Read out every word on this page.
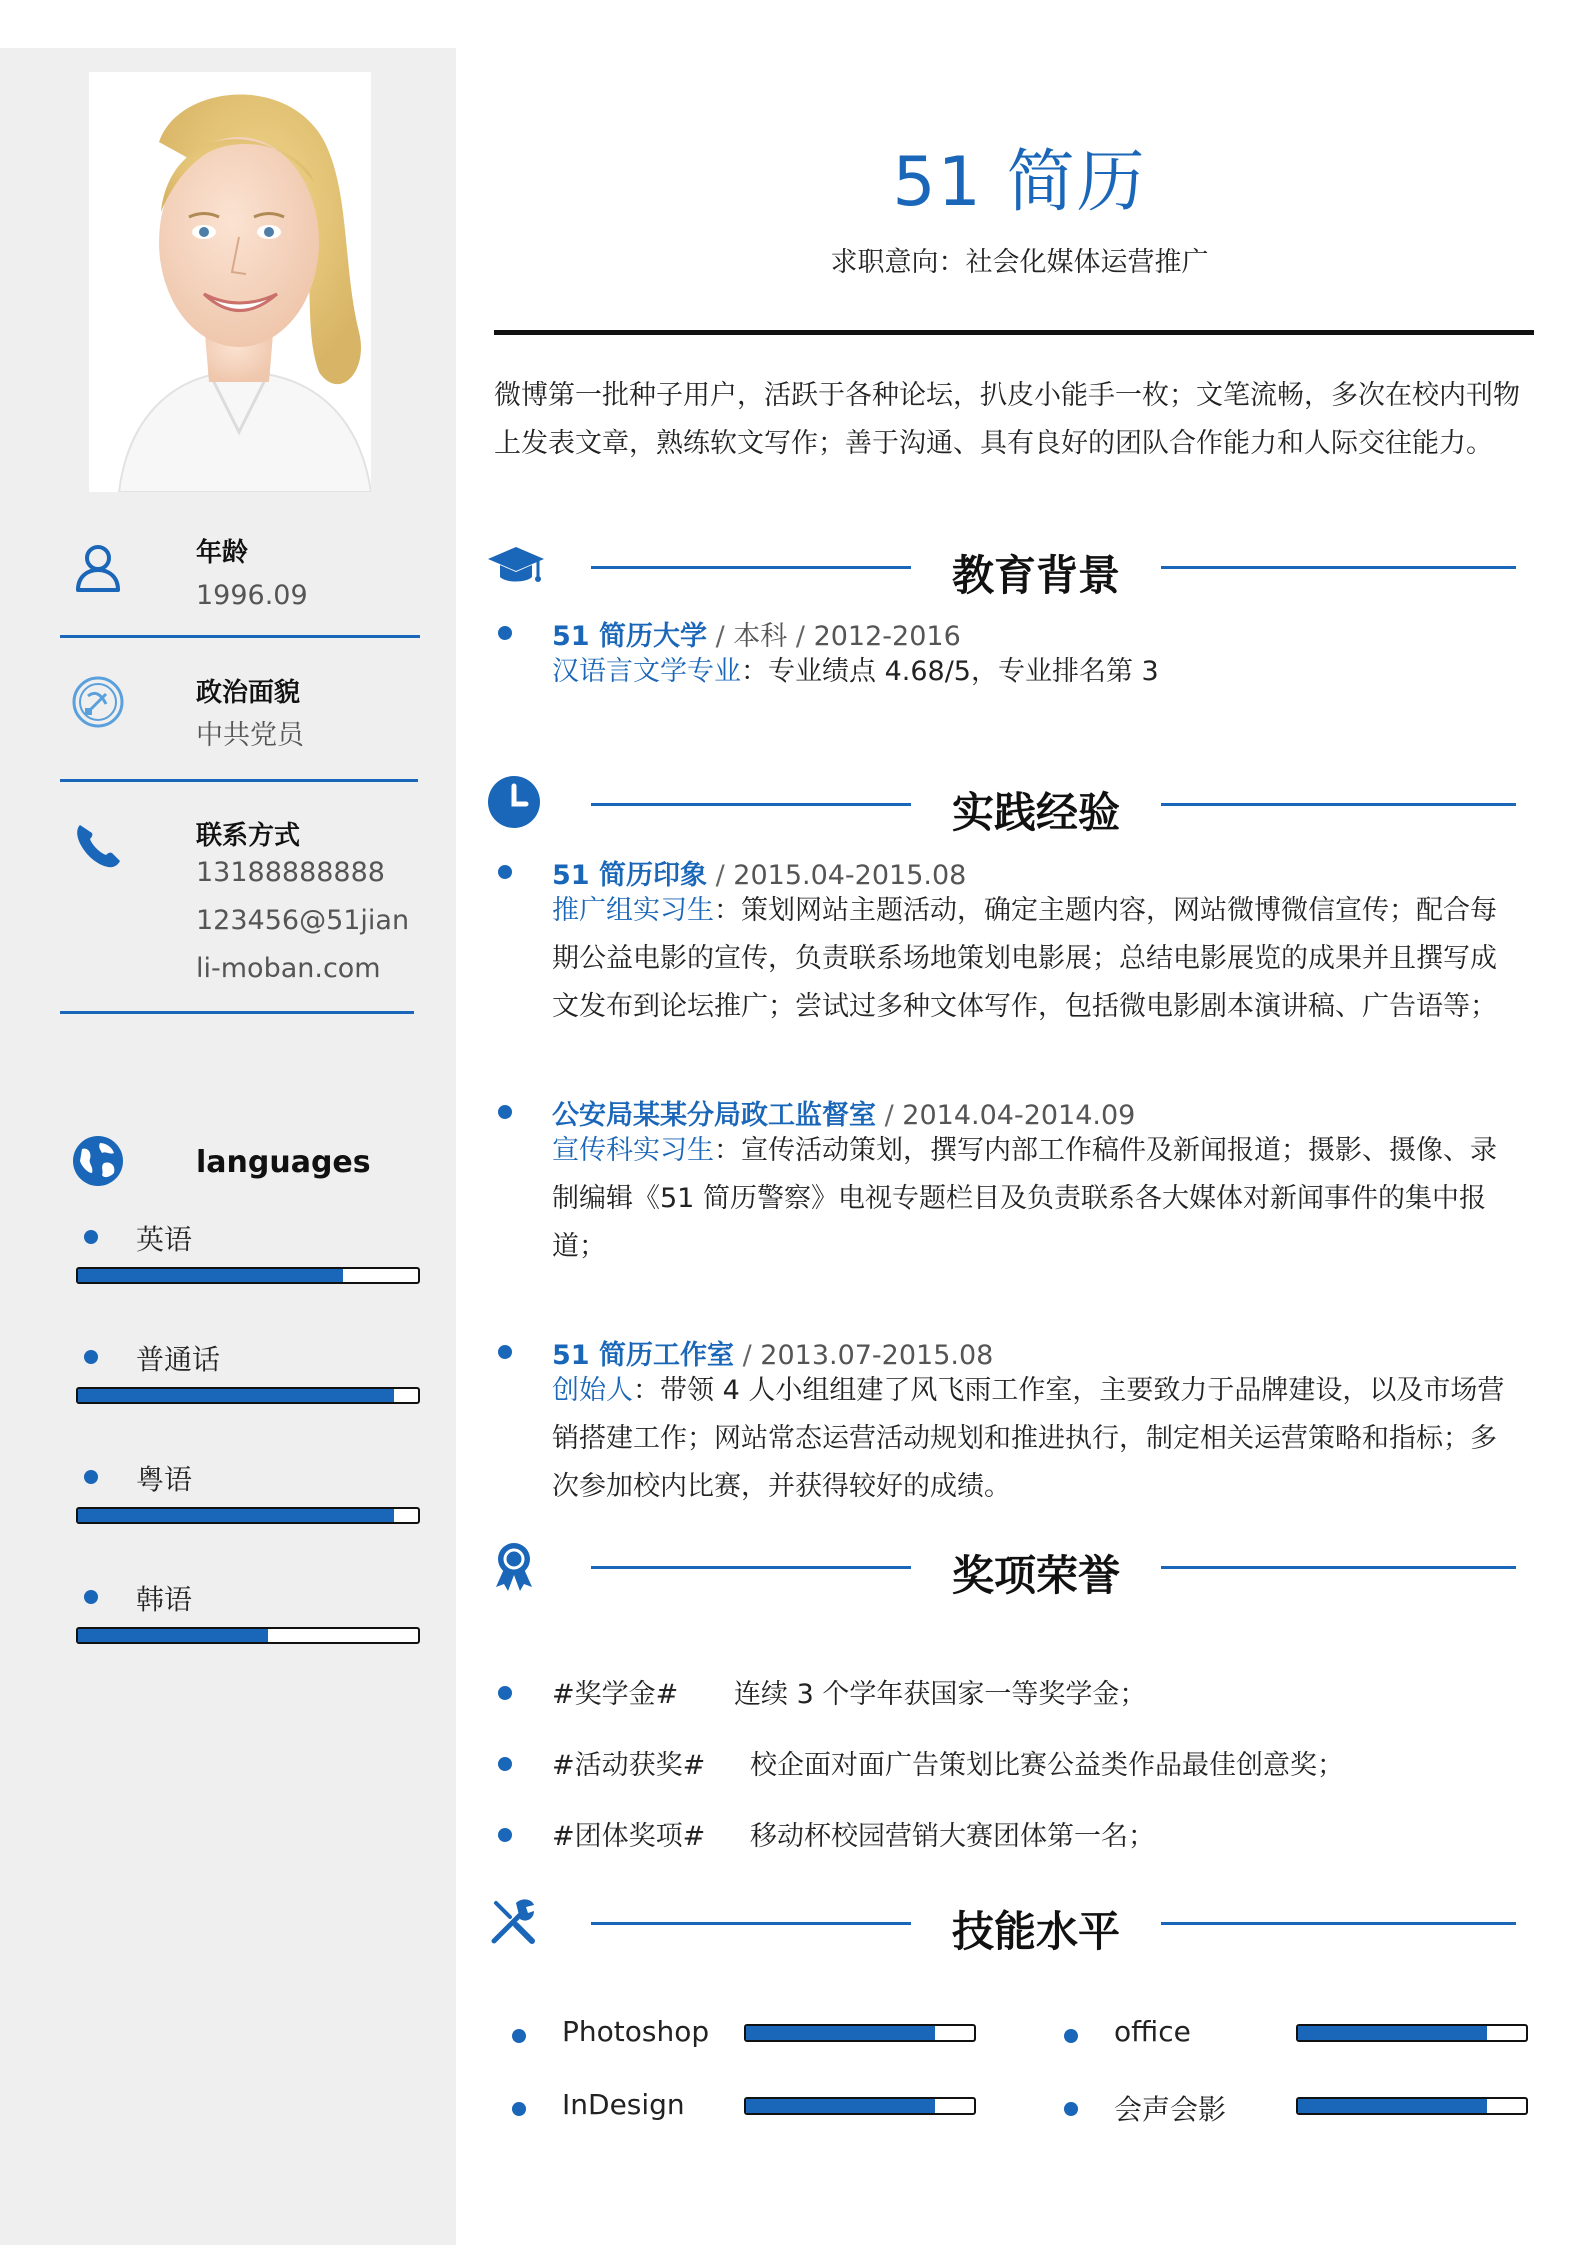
年龄
1996.09
政治面貌
中共党员
联系方式
13188888888
123456@51jian
li-moban.com
languages
英语
普通话
粤语
韩语
51 简历
求职意向：社会化媒体运营推广
微博第一批种子用户，活跃于各种论坛，扒皮小能手一枚；文笔流畅，多次在校内刊物上发表文章，熟练软文写作；善于沟通、具有良好的团队合作能力和人际交往能力。
教育背景
51 简历大学 / 本科 / 2012-2016
汉语言文学专业：专业绩点 4.68/5，专业排名第 3
实践经验
51 简历印象 / 2015.04-2015.08
推广组实习生：策划网站主题活动，确定主题内容，网站微博微信宣传；配合每
期公益电影的宣传，负责联系场地策划电影展；总结电影展览的成果并且撰写成
文发布到论坛推广；尝试过多种文体写作，包括微电影剧本演讲稿、广告语等；
公安局某某分局政工监督室 / 2014.04-2014.09
宣传科实习生：宣传活动策划，撰写内部工作稿件及新闻报道；摄影、摄像、录
制编辑《51 简历警察》电视专题栏目及负责联系各大媒体对新闻事件的集中报
道；
51 简历工作室 / 2013.07-2015.08
创始人：带领 4 人小组组建了风飞雨工作室，主要致力于品牌建设，以及市场营
销搭建工作；网站常态运营活动规划和推进执行，制定相关运营策略和指标；多
次参加校内比赛，并获得较好的成绩。
奖项荣誉
#奖学金# 连续 3 个学年获国家一等奖学金；
#活动获奖# 校企面对面广告策划比赛公益类作品最佳创意奖；
#团体奖项# 移动杯校园营销大赛团体第一名；
技能水平
Photoshop	office
InDesign	会声会影
